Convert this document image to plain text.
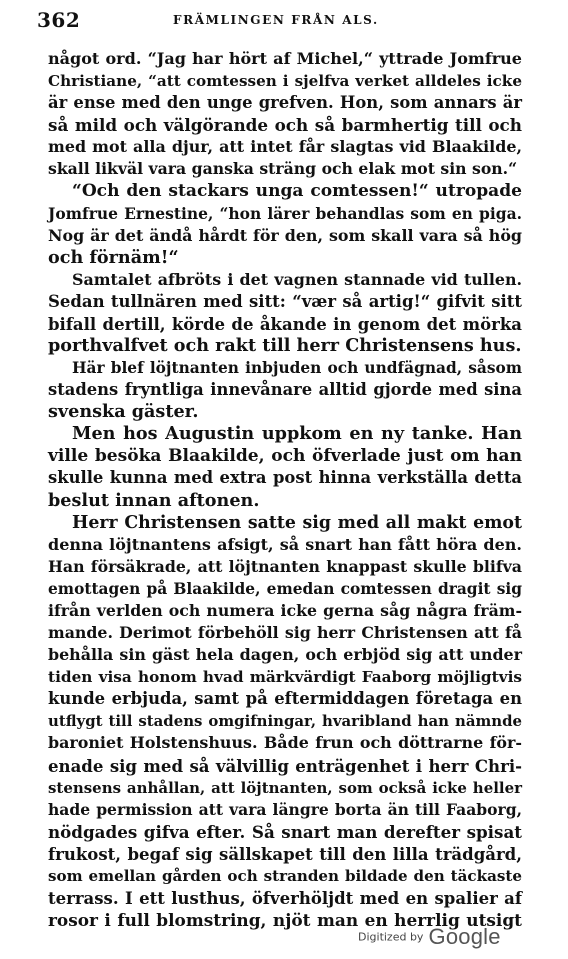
362	FRÄMLINGEN FRÅN ALS.
något ord. “Jag har hört af Michel,“ yttrade Jomfrue
Christiane, “att comtessen i sjelfva verket alldeles icke
är ense med den unge grefven. Hon, som annars är
så mild och välgörande och så barmhertig till och
med mot alla djur, att intet får slagtas vid Blaakilde,
skall likväl vara ganska sträng och elak mot sin son.“
“Och den stackars unga comtessen!“ utropade
Jomfrue Ernestine, “hon lärer behandlas som en piga.
Nog är det ändå hårdt för den, som skall vara så hög
och förnäm!“
Samtalet afbröts i det vagnen stannade vid tullen.
Sedan tullnären med sitt: “vær så artig!“ gifvit sitt
bifall dertill, körde de åkande in genom det mörka
porthvalfvet och rakt till herr Christensens hus.
Här blef löjtnanten inbjuden och undfägnad, såsom
stadens fryntliga innevånare alltid gjorde med sina
svenska gäster.
Men hos Augustin uppkom en ny tanke. Han
ville besöka Blaakilde, och öfverlade just om han
skulle kunna med extra post hinna verkställa detta
beslut innan aftonen.
Herr Christensen satte sig med all makt emot
denna löjtnantens afsigt, så snart han fått höra den.
Han försäkrade, att löjtnanten knappast skulle blifva
emottagen på Blaakilde, emedan comtessen dragit sig
ifrån verlden och numera icke gerna såg några främ-
mande. Derimot förbehöll sig herr Christensen att få
behålla sin gäst hela dagen, och erbjöd sig att under
tiden visa honom hvad märkvärdigt Faaborg möjligtvis
kunde erbjuda, samt på eftermiddagen företaga en
utflygt till stadens omgifningar, hvaribland han nämnde
baroniet Holstenshuus. Både frun och döttrarne för-
enade sig med så välvillig enträgenhet i herr Chri-
stensens anhållan, att löjtnanten, som också icke heller
hade permission att vara längre borta än till Faaborg,
nödgades gifva efter. Så snart man derefter spisat
frukost, begaf sig sällskapet till den lilla trädgård,
som emellan gården och stranden bildade den täckaste
terrass. I ett lusthus, öfverhöljdt med en spalier af
rosor i full blomstring, njöt man en herrlig utsigt
Digitized by Google
